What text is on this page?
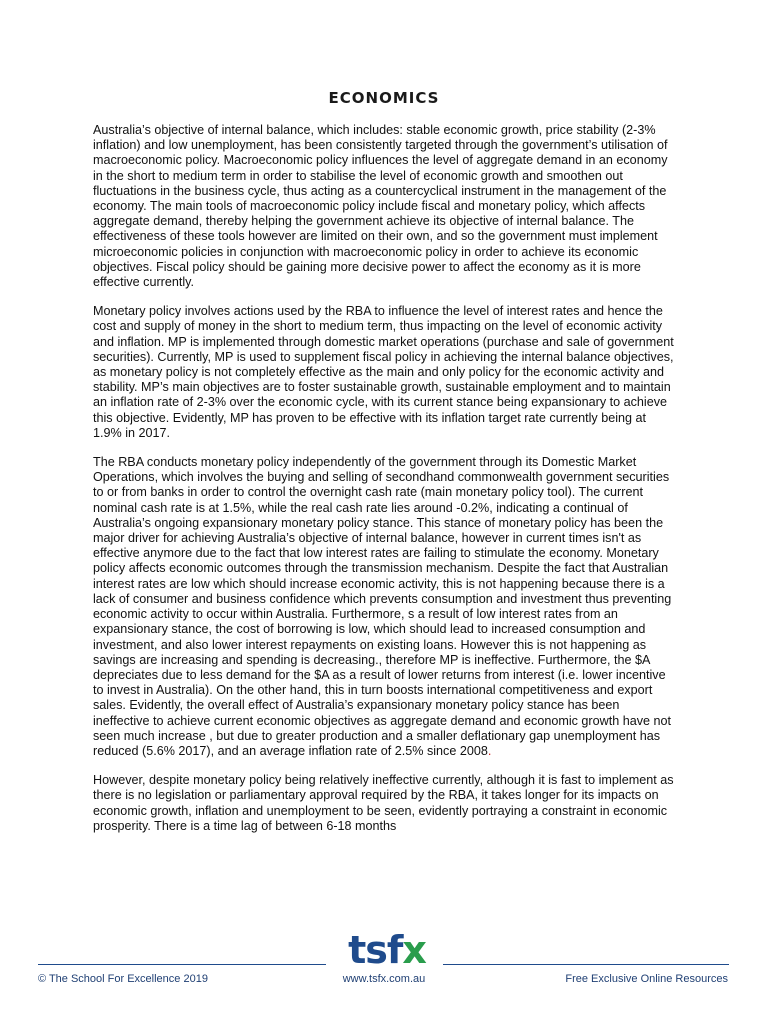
ECONOMICS

Australia’s objective of internal balance, which includes: stable economic growth, price stability (2-3% inflation) and low unemployment, has been consistently targeted through the government’s utilisation of macroeconomic policy. Macroeconomic policy influences the level of aggregate demand in an economy in the short to medium term in order to stabilise the level of economic growth and smoothen out fluctuations in the business cycle, thus acting as a countercyclical instrument in the management of the economy. The main tools of macroeconomic policy include fiscal and monetary policy, which affects aggregate demand, thereby helping the government achieve its objective of internal balance. The effectiveness of these tools however are limited on their own, and so the government must implement microeconomic policies in conjunction with macroeconomic policy in order to achieve its economic objectives. Fiscal policy should be gaining more decisive power to affect the economy as it is more effective currently.

Monetary policy involves actions used by the RBA to influence the level of interest rates and hence the cost and supply of money in the short to medium term, thus impacting on the level of economic activity and inflation. MP is implemented through domestic market operations (purchase and sale of government securities). Currently, MP is used to supplement fiscal policy in achieving the internal balance objectives, as monetary policy is not completely effective as the main and only policy for the economic activity and stability. MP’s main objectives are to foster sustainable growth, sustainable employment and to maintain an inflation rate of 2-3% over the economic cycle, with its current stance being expansionary to achieve this objective. Evidently, MP has proven to be effective with its inflation target rate currently being at 1.9% in 2017.

The RBA conducts monetary policy independently of the government through its Domestic Market Operations, which involves the buying and selling of secondhand commonwealth government securities to or from banks in order to control the overnight cash rate (main monetary policy tool). The current nominal cash rate is at 1.5%, while the real cash rate lies around -0.2%, indicating a continual of Australia’s ongoing expansionary monetary policy stance. This stance of monetary policy has been the major driver for achieving Australia’s objective of internal balance, however in current times isn't as effective anymore due to the fact that low interest rates are failing to stimulate the economy. Monetary policy affects economic outcomes through the transmission mechanism. Despite the fact that Australian interest rates are low which should increase economic activity, this is not happening because there is a lack of consumer and business confidence which prevents consumption and investment thus preventing economic activity to occur within Australia. Furthermore, s a result of low interest rates from an expansionary stance, the cost of borrowing is low, which should lead to increased consumption and investment, and also lower interest repayments on existing loans. However this is not happening as savings are increasing and spending is decreasing., therefore MP is ineffective. Furthermore, the $A depreciates due to less demand for the $A as a result of lower returns from interest (i.e. lower incentive to invest in Australia). On the other hand, this in turn boosts international competitiveness and export sales. Evidently, the overall effect of Australia’s expansionary monetary policy stance has been ineffective to achieve current economic objectives as aggregate demand and economic growth have not seen much increase , but due to greater production and a smaller deflationary gap unemployment has reduced (5.6% 2017), and an average inflation rate of 2.5% since 2008.

However, despite monetary policy being relatively ineffective currently, although it is fast to implement as there is no legislation or parliamentary approval required by the RBA, it takes longer for its impacts on economic growth, inflation and unemployment to be seen, evidently portraying a constraint in economic prosperity. There is a time lag of between 6-18 months

tsfx
© The School For Excellence 2019	www.tsfx.com.au	Free Exclusive Online Resources
